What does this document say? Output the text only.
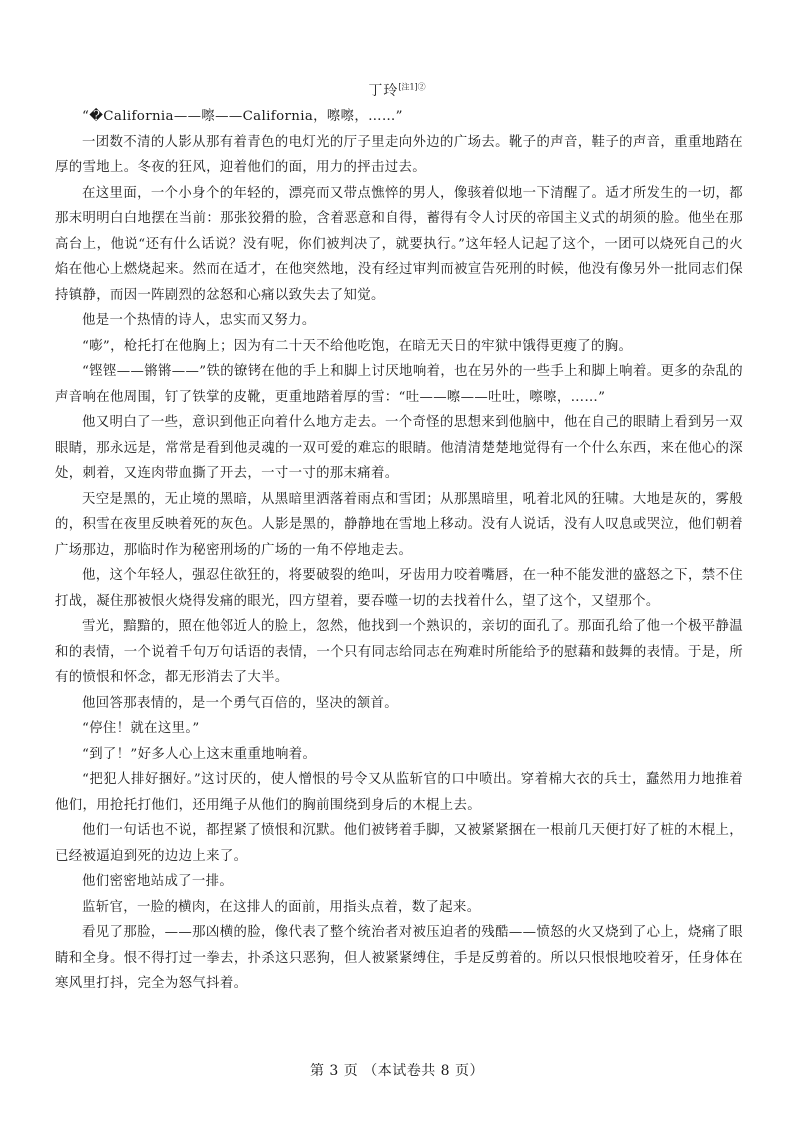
丁玲$^{[注1]②}$

“�California——嚓——California，嚓嚓，……”

一团数不清的人影从那有着青色的电灯光的厅子里走向外边的广场去。靴子的声音，鞋子的声音，重重地踏在厚的雪地上。冬夜的狂风，迎着他们的面，用力的抨击过去。

在这里面，一个小身个的年轻的，漂亮而又带点憔悴的男人，像骇着似地一下清醒了。适才所发生的一切，都那末明明白白地摆在当前：那张狡猾的脸，含着恶意和自得，蓄得有令人讨厌的帝国主义式的胡须的脸。他坐在那高台上，他说“还有什么话说？没有呢，你们被判决了，就要执行。”这年轻人记起了这个，一团可以烧死自己的火焰在他心上燃烧起来。然而在适才，在他突然地，没有经过审判而被宣告死刑的时候，他没有像另外一批同志们保持镇静，而因一阵剧烈的忿怒和心痛以致失去了知觉。

他是一个热情的诗人，忠实而又努力。

“嘭”，枪托打在他胸上；因为有二十天不给他吃饱，在暗无天日的牢狱中饿得更瘦了的胸。

“铿铿——锵锵——”铁的镣铐在他的手上和脚上讨厌地响着，也在另外的一些手上和脚上响着。更多的杂乱的声音响在他周围，钉了铁掌的皮靴，更重地踏着厚的雪：“吐——嚓——吐吐，嚓嚓，……”

他又明白了一些，意识到他正向着什么地方走去。一个奇怪的思想来到他脑中，他在自己的眼睛上看到另一双眼睛，那永远是，常常是看到他灵魂的一双可爱的难忘的眼睛。他清清楚楚地觉得有一个什么东西，来在他心的深处，刺着，又连肉带血撕了开去，一寸一寸的那末痛着。

天空是黑的，无止境的黑暗，从黑暗里洒落着雨点和雪团；从那黑暗里，吼着北风的狂啸。大地是灰的，雾般的，积雪在夜里反映着死的灰色。人影是黑的，静静地在雪地上移动。没有人说话，没有人叹息或哭泣，他们朝着广场那边，那临时作为秘密刑场的广场的一角不停地走去。

他，这个年轻人，强忍住欲狂的，将要破裂的绝叫，牙齿用力咬着嘴唇，在一种不能发泄的盛怒之下，禁不住打战，凝住那被恨火烧得发痛的眼光，四方望着，要吞噬一切的去找着什么，望了这个，又望那个。

雪光，黯黯的，照在他邻近人的脸上，忽然，他找到一个熟识的，亲切的面孔了。那面孔给了他一个极平静温和的表情，一个说着千句万句话语的表情，一个只有同志给同志在殉难时所能给予的慰藉和鼓舞的表情。于是，所有的愤恨和怀念，都无形消去了大半。

他回答那表情的，是一个勇气百倍的，坚决的颔首。

“停住！就在这里。”

“到了！”好多人心上这末重重地响着。

“把犯人排好捆好。”这讨厌的，使人憎恨的号令又从监斩官的口中喷出。穿着棉大衣的兵士，蠢然用力地推着他们，用抢托打他们，还用绳子从他们的胸前围绕到身后的木棍上去。

他们一句话也不说，都捏紧了愤恨和沉默。他们被铐着手脚，又被紧紧捆在一根前几天便打好了桩的木棍上，已经被逼迫到死的边边上来了。

他们密密地站成了一排。

监斩官，一脸的横肉，在这排人的面前，用指头点着，数了起来。

看见了那脸，——那凶横的脸，像代表了整个统治者对被压迫者的残酷——愤怒的火又烧到了心上，烧痛了眼睛和全身。恨不得打过一拳去，扑杀这只恶狗，但人被紧紧缚住，手是反剪着的。所以只恨恨地咬着牙，任身体在寒风里打抖，完全为怒气抖着。

第 3 页 （本试卷共 8 页）
